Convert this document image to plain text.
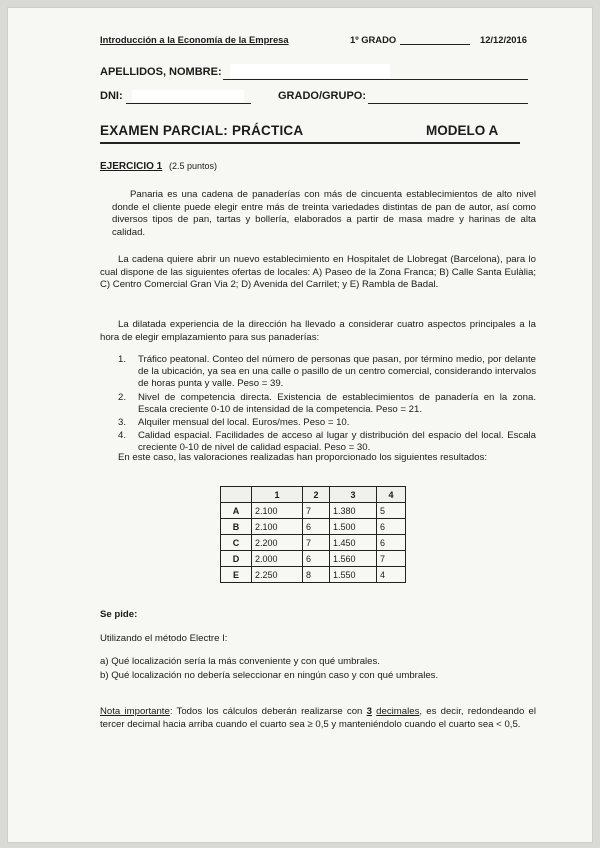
Introducción a la Economía de la Empresa	1º GRADO	12/12/2016
APELLIDOS, NOMBRE:
DNI:	GRADO/GRUPO:
EXAMEN PARCIAL: PRÁCTICA	MODELO A
EJERCICIO 1 (2.5 puntos)
Panaria es una cadena de panaderías con más de cincuenta establecimientos de alto nivel donde el cliente puede elegir entre más de treinta variedades distintas de pan de autor, así como diversos tipos de pan, tartas y bollería, elaborados a partir de masa madre y harinas de alta calidad.
La cadena quiere abrir un nuevo establecimiento en Hospitalet de Llobregat (Barcelona), para lo cual dispone de las siguientes ofertas de locales: A) Paseo de la Zona Franca; B) Calle Santa Eulàlia; C) Centro Comercial Gran Via 2; D) Avenida del Carrilet; y E) Rambla de Badal.
La dilatada experiencia de la dirección ha llevado a considerar cuatro aspectos principales a la hora de elegir emplazamiento para sus panaderías:
1. Tráfico peatonal. Conteo del número de personas que pasan, por término medio, por delante de la ubicación, ya sea en una calle o pasillo de un centro comercial, considerando intervalos de horas punta y valle. Peso = 39.
2. Nivel de competencia directa. Existencia de establecimientos de panadería en la zona. Escala creciente 0-10 de intensidad de la competencia. Peso = 21.
3. Alquiler mensual del local. Euros/mes. Peso = 10.
4. Calidad espacial. Facilidades de acceso al lugar y distribución del espacio del local. Escala creciente 0-10 de nivel de calidad espacial. Peso = 30.
En este caso, las valoraciones realizadas han proporcionado los siguientes resultados:
	1	2	3	4
A	2.100	7	1.380	5
B	2.100	6	1.500	6
C	2.200	7	1.450	6
D	2.000	6	1.560	7
E	2.250	8	1.550	4
Se pide:
Utilizando el método Electre I:
a) Qué localización sería la más conveniente y con qué umbrales.
b) Qué localización no debería seleccionar en ningún caso y con qué umbrales.
Nota importante: Todos los cálculos deberán realizarse con 3 decimales, es decir, redondeando el tercer decimal hacia arriba cuando el cuarto sea ≥ 0,5 y manteniéndolo cuando el cuarto sea < 0,5.
